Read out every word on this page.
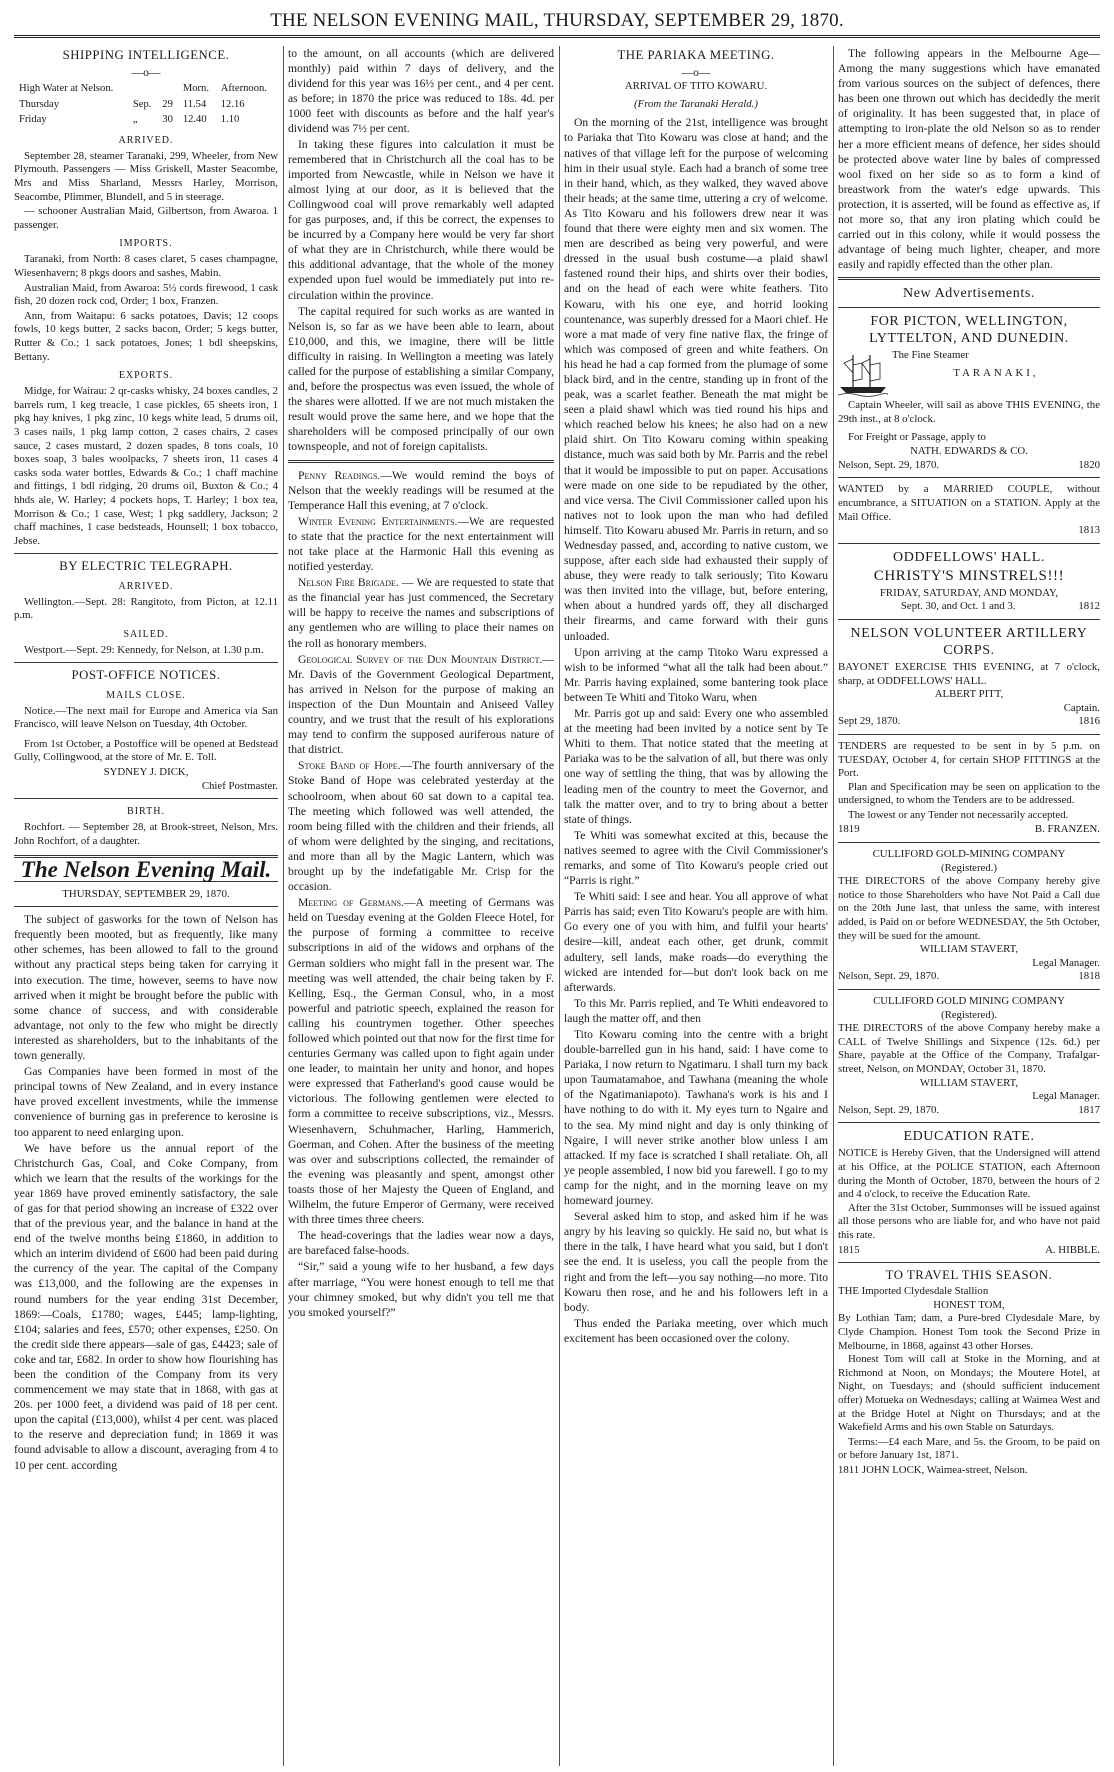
THE NELSON EVENING MAIL, THURSDAY, SEPTEMBER 29, 1870.
SHIPPING INTELLIGENCE.
—o—
High Water at Nelson.			Morn.	Afternoon.
Thursday	Sep.	29	11.54	12.16
Friday	„	30	12.40	1.10
ARRIVED.

September 28, steamer Taranaki, 299, Wheeler, from New Plymouth. Passengers — Miss Griskell, Master Seacombe, Mrs and Miss Sharland, Messrs Harley, Morrison, Seacombe, Plimmer, Blundell, and 5 in steerage.

— schooner Australian Maid, Gilbertson, from Awaroa. 1 passenger.

IMPORTS.

Taranaki, from North: 8 cases claret, 5 cases champagne, Wiesenhavern; 8 pkgs doors and sashes, Mabin.

Australian Maid, from Awaroa: 5½ cords firewood, 1 cask fish, 20 dozen rock cod, Order; 1 box, Franzen.

Ann, from Waitapu: 6 sacks potatoes, Davis; 12 coops fowls, 10 kegs butter, 2 sacks bacon, Order; 5 kegs butter, Rutter & Co.; 1 sack potatoes, Jones; 1 bdl sheepskins, Bettany.

EXPORTS.

Midge, for Wairau: 2 qr-casks whisky, 24 boxes candles, 2 barrels rum, 1 keg treacle, 1 case pickles, 65 sheets iron, 1 pkg hay knives, 1 pkg zinc, 10 kegs white lead, 5 drums oil, 3 cases nails, 1 pkg lamp cotton, 2 cases chairs, 2 cases sauce, 2 cases mustard, 2 dozen spades, 8 tons coals, 10 boxes soap, 3 bales woolpacks, 7 sheets iron, 11 cases 4 casks soda water bottles, Edwards & Co.; 1 chaff machine and fittings, 1 bdl ridging, 20 drums oil, Buxton & Co.; 4 hhds ale, W. Harley; 4 pockets hops, T. Harley; 1 box tea, Morrison & Co.; 1 case, West; 1 pkg saddlery, Jackson; 2 chaff machines, 1 case bedsteads, Hounsell; 1 box tobacco, Jebse.

BY ELECTRIC TELEGRAPH.
ARRIVED.

Wellington.—Sept. 28: Rangitoto, from Picton, at 12.11 p.m.

SAILED.

Westport.—Sept. 29: Kennedy, for Nelson, at 1.30 p.m.

POST-OFFICE NOTICES.
MAILS CLOSE.

Notice.—The next mail for Europe and America via San Francisco, will leave Nelson on Tuesday, 4th October.

From 1st October, a Postoffice will be opened at Bedstead Gully, Collingwood, at the store of Mr. E. Toll.

SYDNEY J. DICK,
Chief Postmaster.
BIRTH.

Rochfort. — September 28, at Brook-street, Nelson, Mrs. John Rochfort, of a daughter.

The Nelson Evening Mail.
THURSDAY, SEPTEMBER 29, 1870.

The subject of gasworks for the town of Nelson has frequently been mooted, but as frequently, like many other schemes, has been allowed to fall to the ground without any practical steps being taken for carrying it into execution. The time, however, seems to have now arrived when it might be brought before the public with some chance of success, and with considerable advantage, not only to the few who might be directly interested as shareholders, but to the inhabitants of the town generally.

Gas Companies have been formed in most of the principal towns of New Zealand, and in every instance have proved excellent investments, while the immense convenience of burning gas in preference to kerosine is too apparent to need enlarging upon.

We have before us the annual report of the Christchurch Gas, Coal, and Coke Company, from which we learn that the results of the workings for the year 1869 have proved eminently satisfactory, the sale of gas for that period showing an increase of £322 over that of the previous year, and the balance in hand at the end of the twelve months being £1860, in addition to which an interim dividend of £600 had been paid during the currency of the year. The capital of the Company was £13,000, and the following are the expenses in round numbers for the year ending 31st December, 1869:—Coals, £1780; wages, £445; lamp-lighting, £104; salaries and fees, £570; other expenses, £250. On the credit side there appears—sale of gas, £4423; sale of coke and tar, £682. In order to show how flourishing has been the condition of the Company from its very commencement we may state that in 1868, with gas at 20s. per 1000 feet, a dividend was paid of 18 per cent. upon the capital (£13,000), whilst 4 per cent. was placed to the reserve and depreciation fund; in 1869 it was found advisable to allow a discount, averaging from 4 to 10 per cent. according

to the amount, on all accounts (which are delivered monthly) paid within 7 days of delivery, and the dividend for this year was 16½ per cent., and 4 per cent. as before; in 1870 the price was reduced to 18s. 4d. per 1000 feet with discounts as before and the half year's dividend was 7½ per cent.

In taking these figures into calculation it must be remembered that in Christchurch all the coal has to be imported from Newcastle, while in Nelson we have it almost lying at our door, as it is believed that the Collingwood coal will prove remarkably well adapted for gas purposes, and, if this be correct, the expenses to be incurred by a Company here would be very far short of what they are in Christchurch, while there would be this additional advantage, that the whole of the money expended upon fuel would be immediately put into re-circulation within the province.

The capital required for such works as are wanted in Nelson is, so far as we have been able to learn, about £10,000, and this, we imagine, there will be little difficulty in raising. In Wellington a meeting was lately called for the purpose of establishing a similar Company, and, before the prospectus was even issued, the whole of the shares were allotted. If we are not much mistaken the result would prove the same here, and we hope that the shareholders will be composed principally of our own townspeople, and not of foreign capitalists.

Penny Readings.—We would remind the boys of Nelson that the weekly readings will be resumed at the Temperance Hall this evening, at 7 o'clock.

Winter Evening Entertainments.—We are requested to state that the practice for the next entertainment will not take place at the Harmonic Hall this evening as notified yesterday.

Nelson Fire Brigade. — We are requested to state that as the financial year has just commenced, the Secretary will be happy to receive the names and subscriptions of any gentlemen who are willing to place their names on the roll as honorary members.

Geological Survey of the Dun Mountain District.—Mr. Davis of the Government Geological Department, has arrived in Nelson for the purpose of making an inspection of the Dun Mountain and Aniseed Valley country, and we trust that the result of his explorations may tend to confirm the supposed auriferous nature of that district.

Stoke Band of Hope.—The fourth anniversary of the Stoke Band of Hope was celebrated yesterday at the schoolroom, when about 60 sat down to a capital tea. The meeting which followed was well attended, the room being filled with the children and their friends, all of whom were delighted by the singing, and recitations, and more than all by the Magic Lantern, which was brought up by the indefatigable Mr. Crisp for the occasion.

Meeting of Germans.—A meeting of Germans was held on Tuesday evening at the Golden Fleece Hotel, for the purpose of forming a committee to receive subscriptions in aid of the widows and orphans of the German soldiers who might fall in the present war. The meeting was well attended, the chair being taken by F. Kelling, Esq., the German Consul, who, in a most powerful and patriotic speech, explained the reason for calling his countrymen together. Other speeches followed which pointed out that now for the first time for centuries Germany was called upon to fight again under one leader, to maintain her unity and honor, and hopes were expressed that Fatherland's good cause would be victorious. The following gentlemen were elected to form a committee to receive subscriptions, viz., Messrs. Wiesenhavern, Schuhmacher, Harling, Hammerich, Goerman, and Cohen. After the business of the meeting was over and subscriptions collected, the remainder of the evening was pleasantly and spent, amongst other toasts those of her Majesty the Queen of England, and Wilhelm, the future Emperor of Germany, were received with three times three cheers.

The head-coverings that the ladies wear now a days, are barefaced false-hoods.

“Sir,” said a young wife to her husband, a few days after marriage, “You were honest enough to tell me that your chimney smoked, but why didn't you tell me that you smoked yourself?”

THE PARIAKA MEETING.
—o—
ARRIVAL OF TITO KOWARU.
(From the Taranaki Herald.)

On the morning of the 21st, intelligence was brought to Pariaka that Tito Kowaru was close at hand; and the natives of that village left for the purpose of welcoming him in their usual style. Each had a branch of some tree in their hand, which, as they walked, they waved above their heads; at the same time, uttering a cry of welcome. As Tito Kowaru and his followers drew near it was found that there were eighty men and six women. The men are described as being very powerful, and were dressed in the usual bush costume—a plaid shawl fastened round their hips, and shirts over their bodies, and on the head of each were white feathers. Tito Kowaru, with his one eye, and horrid looking countenance, was superbly dressed for a Maori chief. He wore a mat made of very fine native flax, the fringe of which was composed of green and white feathers. On his head he had a cap formed from the plumage of some black bird, and in the centre, standing up in front of the peak, was a scarlet feather. Beneath the mat might be seen a plaid shawl which was tied round his hips and which reached below his knees; he also had on a new plaid shirt. On Tito Kowaru coming within speaking distance, much was said both by Mr. Parris and the rebel that it would be impossible to put on paper. Accusations were made on one side to be repudiated by the other, and vice versa. The Civil Commissioner called upon his natives not to look upon the man who had defiled himself. Tito Kowaru abused Mr. Parris in return, and so Wednesday passed, and, according to native custom, we suppose, after each side had exhausted their supply of abuse, they were ready to talk seriously; Tito Kowaru was then invited into the village, but, before entering, when about a hundred yards off, they all discharged their firearms, and came forward with their guns unloaded.

Upon arriving at the camp Titoko Waru expressed a wish to be informed “what all the talk had been about.” Mr. Parris having explained, some bantering took place between Te Whiti and Titoko Waru, when

Mr. Parris got up and said: Every one who assembled at the meeting had been invited by a notice sent by Te Whiti to them. That notice stated that the meeting at Pariaka was to be the salvation of all, but there was only one way of settling the thing, that was by allowing the leading men of the country to meet the Governor, and talk the matter over, and to try to bring about a better state of things.

Te Whiti was somewhat excited at this, because the natives seemed to agree with the Civil Commissioner's remarks, and some of Tito Kowaru's people cried out “Parris is right.”

Te Whiti said: I see and hear. You all approve of what Parris has said; even Tito Kowaru's people are with him. Go every one of you with him, and fulfil your hearts' desire—kill, andeat each other, get drunk, commit adultery, sell lands, make roads—do everything the wicked are intended for—but don't look back on me afterwards.

To this Mr. Parris replied, and Te Whiti endeavored to laugh the matter off, and then

Tito Kowaru coming into the centre with a bright double-barrelled gun in his hand, said: I have come to Pariaka, I now return to Ngatimaru. I shall turn my back upon Taumatamahoe, and Tawhana (meaning the whole of the Ngatimaniapoto). Tawhana's work is his and I have nothing to do with it. My eyes turn to Ngaire and to the sea. My mind night and day is only thinking of Ngaire, I will never strike another blow unless I am attacked. If my face is scratched I shall retaliate. Oh, all ye people assembled, I now bid you farewell. I go to my camp for the night, and in the morning leave on my homeward journey.

Several asked him to stop, and asked him if he was angry by his leaving so quickly. He said no, but what is there in the talk, I have heard what you said, but I don't see the end. It is useless, you call the people from the right and from the left—you say nothing—no more. Tito Kowaru then rose, and he and his followers left in a body.

Thus ended the Pariaka meeting, over which much excitement has been occasioned over the colony.

The following appears in the Melbourne Age—Among the many suggestions which have emanated from various sources on the subject of defences, there has been one thrown out which has decidedly the merit of originality. It has been suggested that, in place of attempting to iron-plate the old Nelson so as to render her a more efficient means of defence, her sides should be protected above water line by bales of compressed wool fixed on her side so as to form a kind of breastwork from the water's edge upwards. This protection, it is asserted, will be found as effective as, if not more so, that any iron plating which could be carried out in this colony, while it would possess the advantage of being much lighter, cheaper, and more easily and rapidly effected than the other plan.

New Advertisements.
FOR PICTON, WELLINGTON, LYTTELTON, AND DUNEDIN.
The Fine Steamer
TARANAKI,

Captain Wheeler, will sail as above THIS EVENING, the 29th inst., at 8 o'clock.

For Freight or Passage, apply to

NATH. EDWARDS & CO.
Nelson, Sept. 29, 1870.	1820

WANTED by a MARRIED COUPLE, without encumbrance, a SITUATION on a STATION. Apply at the Mail Office.

1813
ODDFELLOWS' HALL.
CHRISTY'S MINSTRELS!!!
FRIDAY, SATURDAY, AND MONDAY,
Sept. 30, and Oct. 1 and 3.	1812
NELSON VOLUNTEER ARTILLERY CORPS.

BAYONET EXERCISE THIS EVENING, at 7 o'clock, sharp, at ODDFELLOWS' HALL.

ALBERT PITT,
Captain.
Sept 29, 1870.	1816

TENDERS are requested to be sent in by 5 p.m. on TUESDAY, October 4, for certain SHOP FITTINGS at the Port.

Plan and Specification may be seen on application to the undersigned, to whom the Tenders are to be addressed.

The lowest or any Tender not necessarily accepted.

1819	B. FRANZEN.
CULLIFORD GOLD-MINING COMPANY
(Registered.)

THE DIRECTORS of the above Company hereby give notice to those Shareholders who have Not Paid a Call due on the 20th June last, that unless the same, with interest added, is Paid on or before WEDNESDAY, the 5th October, they will be sued for the amount.

WILLIAM STAVERT,
Legal Manager.
Nelson, Sept. 29, 1870.	1818
CULLIFORD GOLD MINING COMPANY
(Registered).

THE DIRECTORS of the above Company hereby make a CALL of Twelve Shillings and Sixpence (12s. 6d.) per Share, payable at the Office of the Company, Trafalgar-street, Nelson, on MONDAY, October 31, 1870.

WILLIAM STAVERT,
Legal Manager.
Nelson, Sept. 29, 1870.	1817
EDUCATION RATE.

NOTICE is Hereby Given, that the Undersigned will attend at his Office, at the POLICE STATION, each Afternoon during the Month of October, 1870, between the hours of 2 and 4 o'clock, to receive the Education Rate.

After the 31st October, Summonses will be issued against all those persons who are liable for, and who have not paid this rate.

1815	A. HIBBLE.
TO TRAVEL THIS SEASON.

THE Imported Clydesdale Stallion

HONEST TOM,

By Lothian Tam; dam, a Pure-bred Clydesdale Mare, by Clyde Champion. Honest Tom took the Second Prize in Melbourne, in 1868, against 43 other Horses.

Honest Tom will call at Stoke in the Morning, and at Richmond at Noon, on Mondays; the Moutere Hotel, at Night, on Tuesdays; and (should sufficient inducement offer) Motueka on Wednesdays; calling at Waimea West and at the Bridge Hotel at Night on Thursdays; and at the Wakefield Arms and his own Stable on Saturdays.

Terms:—£4 each Mare, and 5s. the Groom, to be paid on or before January 1st, 1871.

1811 JOHN LOCK, Waimea-street, Nelson.
